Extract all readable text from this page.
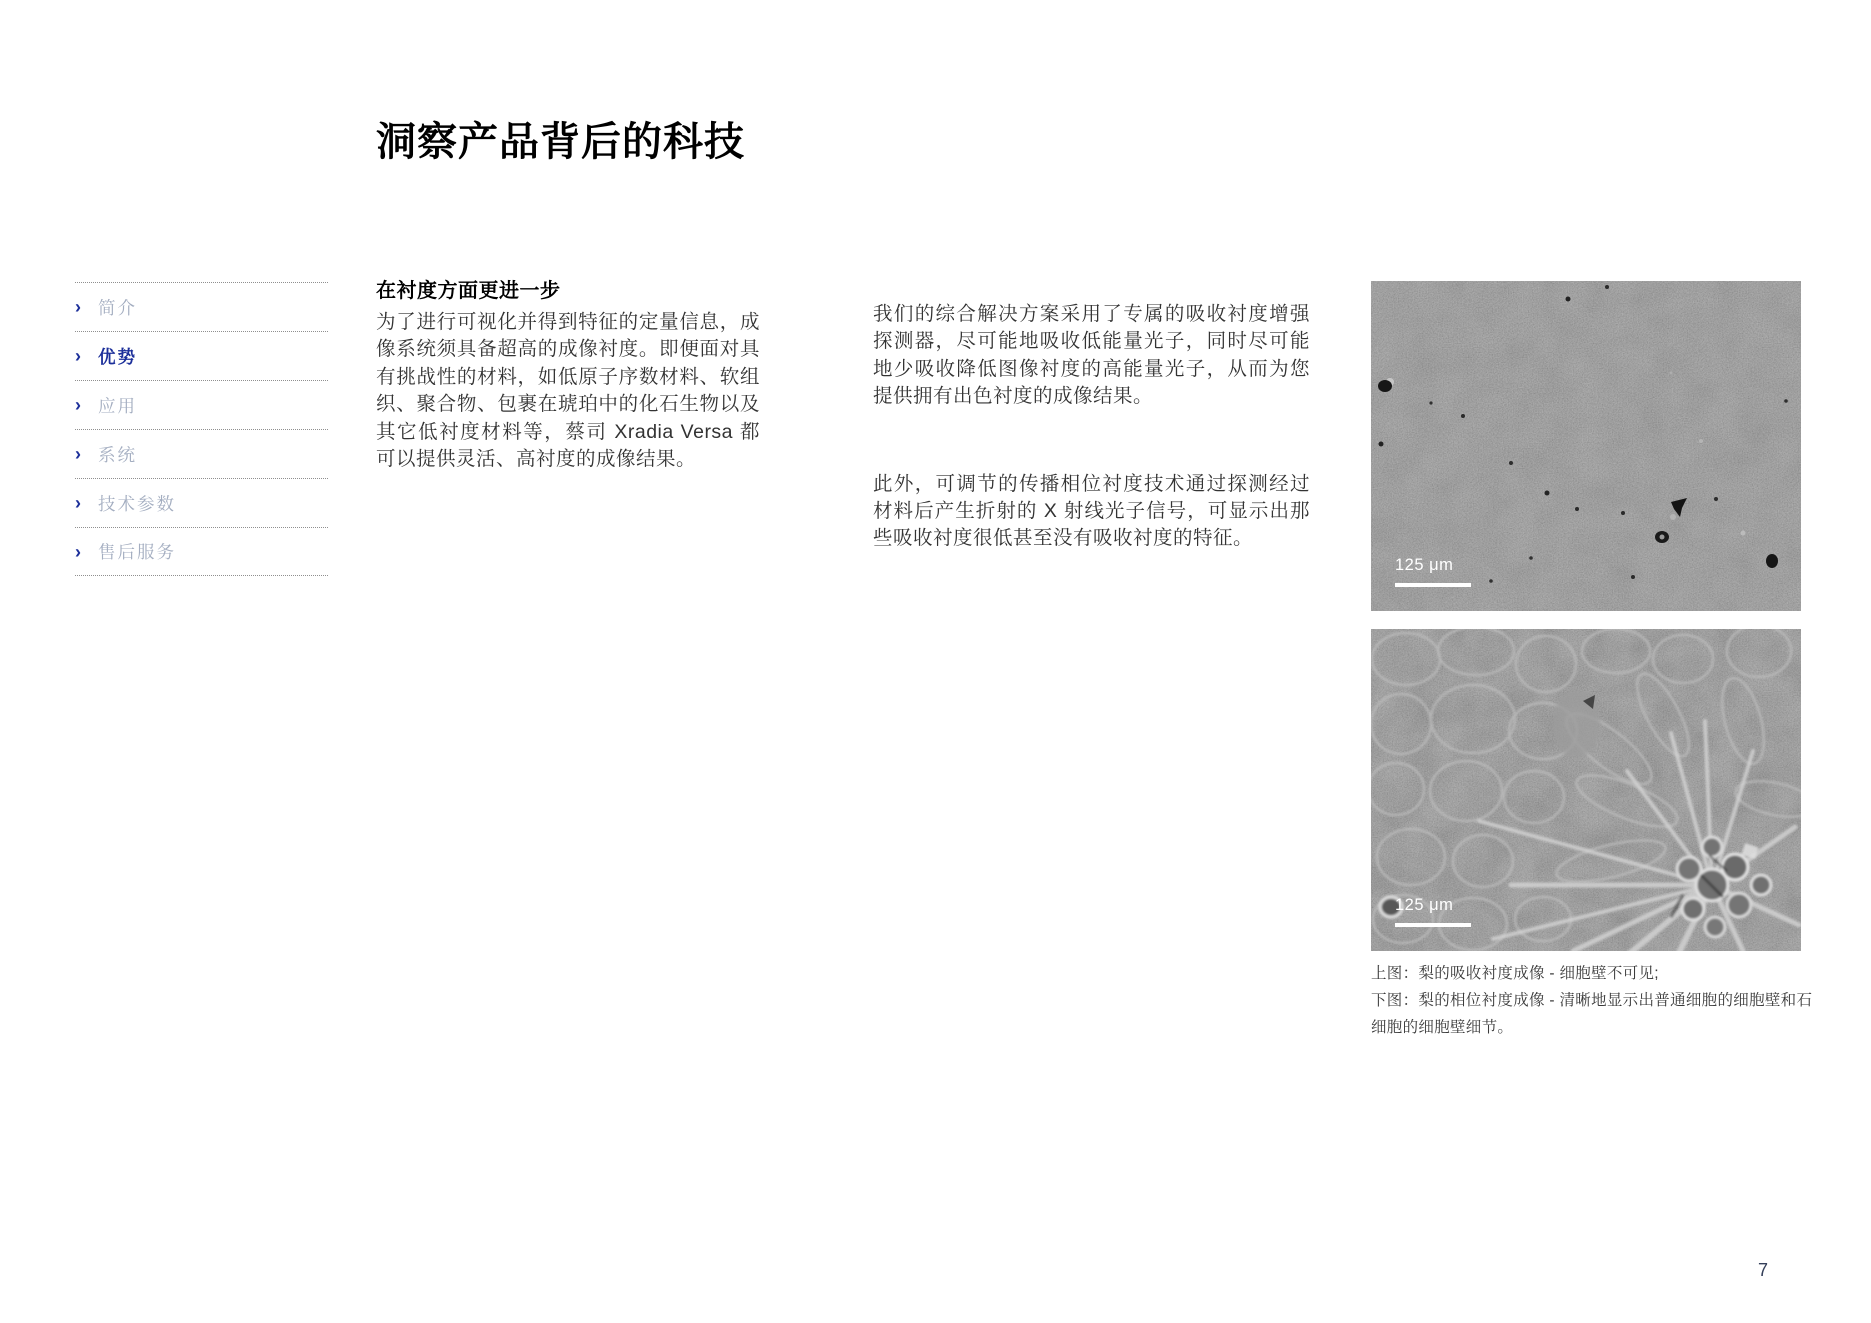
洞察产品背后的科技
› 简介
› 优势
› 应用
› 系统
› 技术参数
› 售后服务
在衬度方面更进一步

为了进行可视化并得到特征的定量信息，成像系统须具备超高的成像衬度。即便面对具有挑战性的材料，如低原子序数材料、软组织、聚合物、包裹在琥珀中的化石生物以及其它低衬度材料等，蔡司 Xradia Versa 都可以提供灵活、高衬度的成像结果。

我们的综合解决方案采用了专属的吸收衬度增强探测器，尽可能地吸收低能量光子，同时尽可能地少吸收降低图像衬度的高能量光子，从而为您提供拥有出色衬度的成像结果。

此外，可调节的传播相位衬度技术通过探测经过材料后产生折射的 X 射线光子信号，可显示出那些吸收衬度很低甚至没有吸收衬度的特征。

125 μm
125 μm

上图：梨的吸收衬度成像 - 细胞壁不可见;

下图：梨的相位衬度成像 - 清晰地显示出普通细胞的细胞壁和石细胞的细胞壁细节。

7
